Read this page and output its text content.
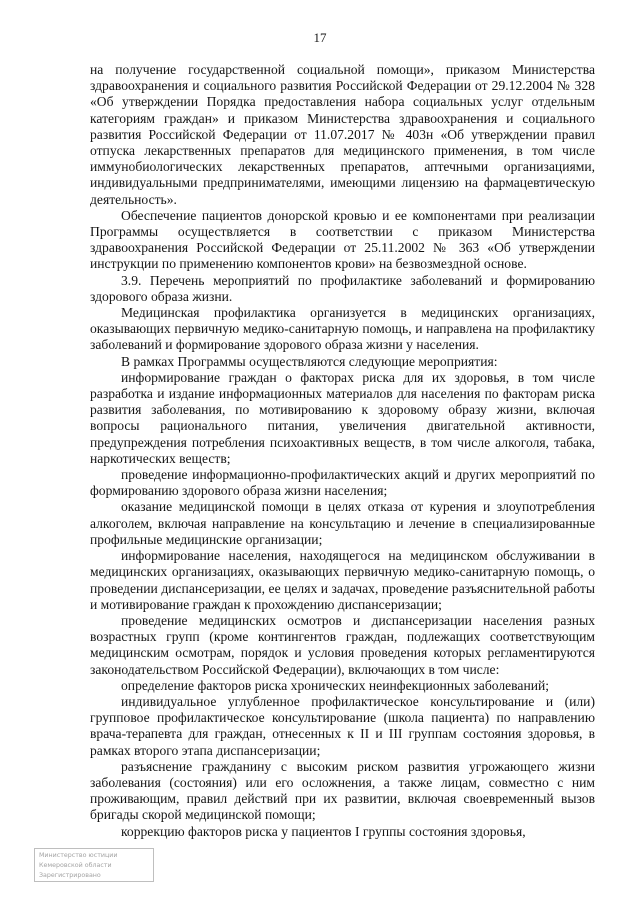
17

на получение государственной социальной помощи», приказом Министерства здравоохранения и социального развития Российской Федерации от 29.12.2004 № 328 «Об утверждении Порядка предоставления набора социальных услуг отдельным категориям граждан» и приказом Министерства здравоохранения и социального развития Российской Федерации от 11.07.2017 № 403н «Об утверждении правил отпуска лекарственных препаратов для медицинского применения, в том числе иммунобиологических лекарственных препаратов, аптечными организациями, индивидуальными предпринимателями, имеющими лицензию на фармацевтическую деятельность».

Обеспечение пациентов донорской кровью и ее компонентами при реализации Программы осуществляется в соответствии с приказом Министерства здравоохранения Российской Федерации от 25.11.2002 № 363 «Об утверждении инструкции по применению компонентов крови» на безвозмездной основе.

3.9. Перечень мероприятий по профилактике заболеваний и формированию здорового образа жизни.

Медицинская профилактика организуется в медицинских организациях, оказывающих первичную медико-санитарную помощь, и направлена на профилактику заболеваний и формирование здорового образа жизни у населения.

В рамках Программы осуществляются следующие мероприятия:

информирование граждан о факторах риска для их здоровья, в том числе разработка и издание информационных материалов для населения по факторам риска развития заболевания, по мотивированию к здоровому образу жизни, включая вопросы рационального питания, увеличения двигательной активности, предупреждения потребления психоактивных веществ, в том числе алкоголя, табака, наркотических веществ;

проведение информационно-профилактических акций и других мероприятий по формированию здорового образа жизни населения;

оказание медицинской помощи в целях отказа от курения и злоупотребления алкоголем, включая направление на консультацию и лечение в специализированные профильные медицинские организации;

информирование населения, находящегося на медицинском обслуживании в медицинских организациях, оказывающих первичную медико-санитарную помощь, о проведении диспансеризации, ее целях и задачах, проведение разъяснительной работы и мотивирование граждан к прохождению диспансеризации;

проведение медицинских осмотров и диспансеризации населения разных возрастных групп (кроме контингентов граждан, подлежащих соответствующим медицинским осмотрам, порядок и условия проведения которых регламентируются законодательством Российской Федерации), включающих в том числе:

определение факторов риска хронических неинфекционных заболеваний;

индивидуальное углубленное профилактическое консультирование и (или) групповое профилактическое консультирование (школа пациента) по направлению врача-терапевта для граждан, отнесенных к II и III группам состояния здоровья, в рамках второго этапа диспансеризации;

разъяснение гражданину с высоким риском развития угрожающего жизни заболевания (состояния) или его осложнения, а также лицам, совместно с ним проживающим, правил действий при их развитии, включая своевременный вызов бригады скорой медицинской помощи;

коррекцию факторов риска у пациентов I группы состояния здоровья,

Министерство юстиции
Кемеровской области
Зарегистрировано
